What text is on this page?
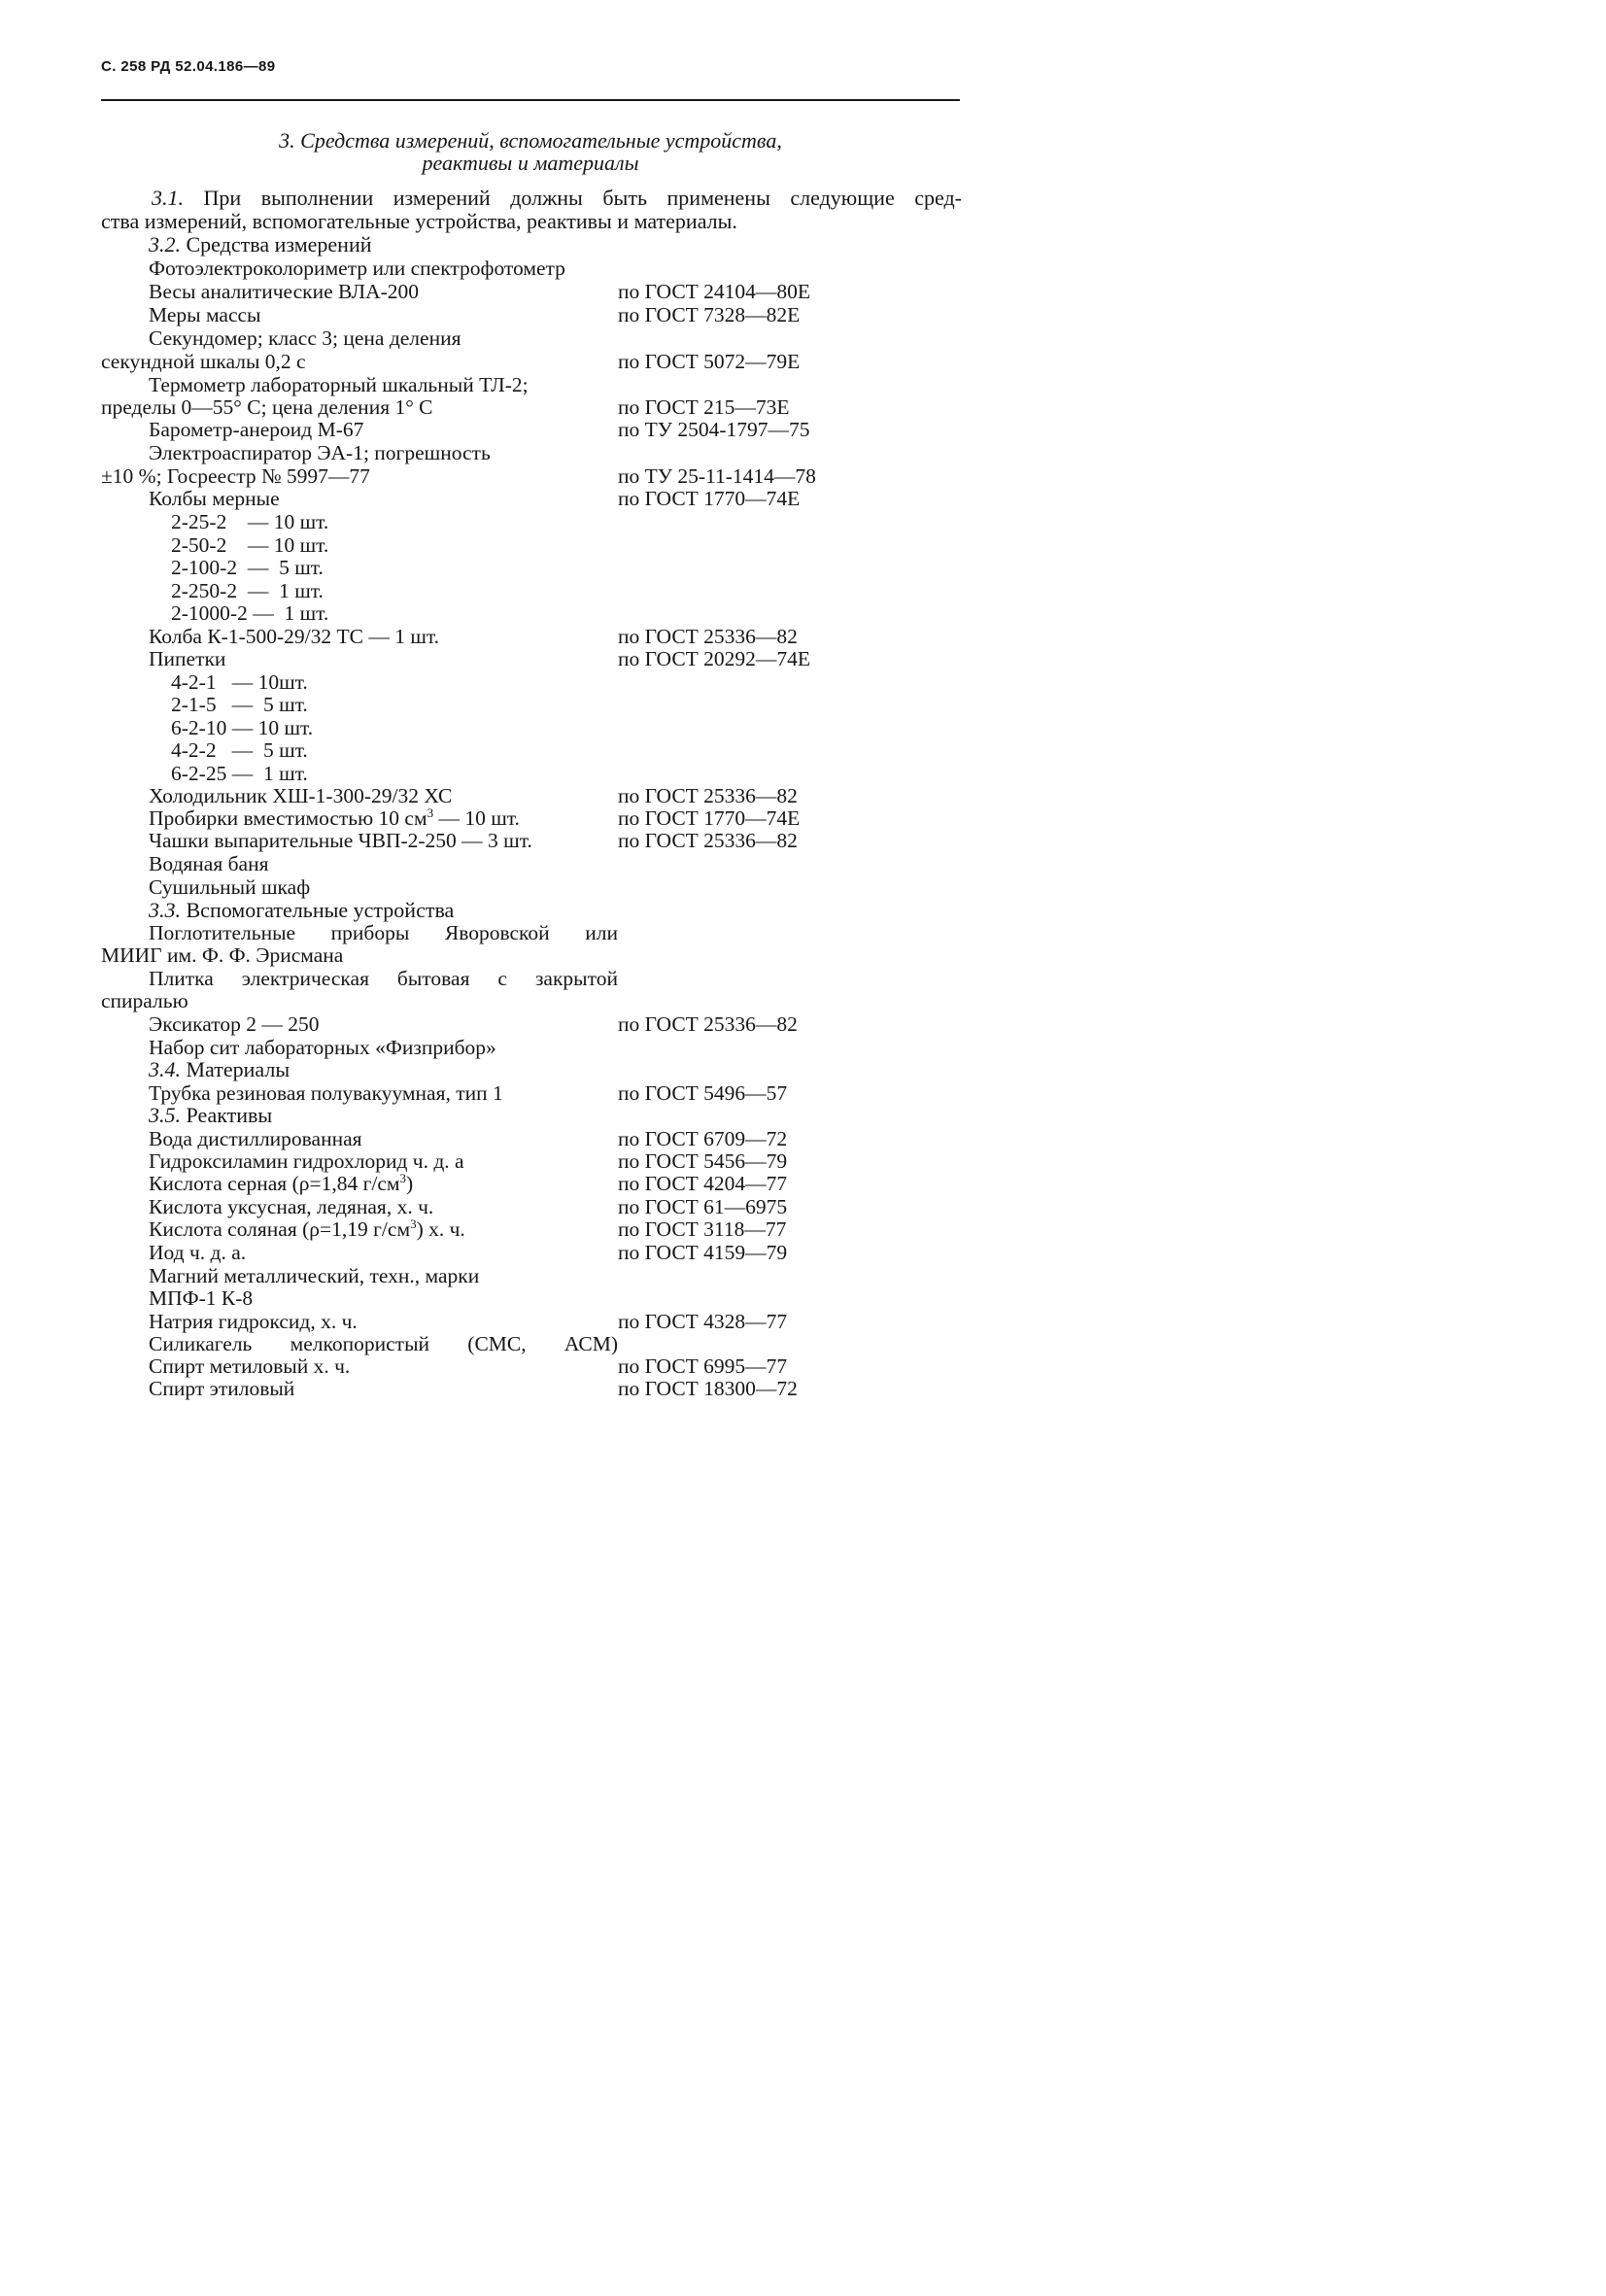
С. 258 РД 52.04.186—89
3. Средства измерений, вспомогательные устройства,
реактивы и материалы
3.1. При выполнении измерений должны быть применены следующие сред-
ства измерений, вспомогательные устройства, реактивы и материалы.
3.2. Средства измерений
Фотоэлектроколориметр или спектрофотометр
Весы аналитические ВЛА-200	по ГОСТ 24104—80Е
Меры массы	по ГОСТ 7328—82Е
Секундомер; класс 3; цена деления
секундной шкалы 0,2 с	по ГОСТ 5072—79Е
Термометр лабораторный шкальный ТЛ-2;
пределы 0—55° С; цена деления 1° С	по ГОСТ 215—73Е
Барометр-анероид М-67	по ТУ 2504-1797—75
Электроаспиратор ЭА-1; погрешность
±10 %; Госреестр № 5997—77	по ТУ 25-11-1414—78
Колбы мерные	по ГОСТ 1770—74Е
2-25-2    — 10 шт.
2-50-2    — 10 шт.
2-100-2  —  5 шт.
2-250-2  —  1 шт.
2-1000-2 —  1 шт.
Колба К-1-500-29/32 ТС — 1 шт.	по ГОСТ 25336—82
Пипетки	по ГОСТ 20292—74Е
4-2-1   — 10шт.
2-1-5   —  5 шт.
6-2-10 — 10 шт.
4-2-2   —  5 шт.
6-2-25 —  1 шт.
Холодильник ХШ-1-300-29/32 ХС	по ГОСТ 25336—82
Пробирки вместимостью 10 $см^3$ — 10 шт.	по ГОСТ 1770—74Е
Чашки выпарительные ЧВП-2-250 — 3 шт.	по ГОСТ 25336—82
Водяная баня
Сушильный шкаф
3.3. Вспомогательные устройства
Поглотительные приборы Яворовской или
МИИГ им. Ф. Ф. Эрисмана
Плитка электрическая бытовая с закрытой
спиралью
Эксикатор 2 — 250	по ГОСТ 25336—82
Набор сит лабораторных «Физприбор»
3.4. Материалы
Трубка резиновая полувакуумная, тип 1	по ГОСТ 5496—57
3.5. Реактивы
Вода дистиллированная	по ГОСТ 6709—72
Гидроксиламин гидрохлорид ч. д. а	по ГОСТ 5456—79
Кислота серная (ρ=1,84 $г/см^3$)	по ГОСТ 4204—77
Кислота уксусная, ледяная, х. ч.	по ГОСТ 61—6975
Кислота соляная (ρ=1,19 $г/см^3$) х. ч.	по ГОСТ 3118—77
Иод ч. д. а.	по ГОСТ 4159—79
Магний металлический, техн., марки
МПФ-1 К-8
Натрия гидроксид, х. ч.	по ГОСТ 4328—77
Силикагель мелкопористый (СМС, АСМ)
Спирт метиловый х. ч.	по ГОСТ 6995—77
Спирт этиловый	по ГОСТ 18300—72
